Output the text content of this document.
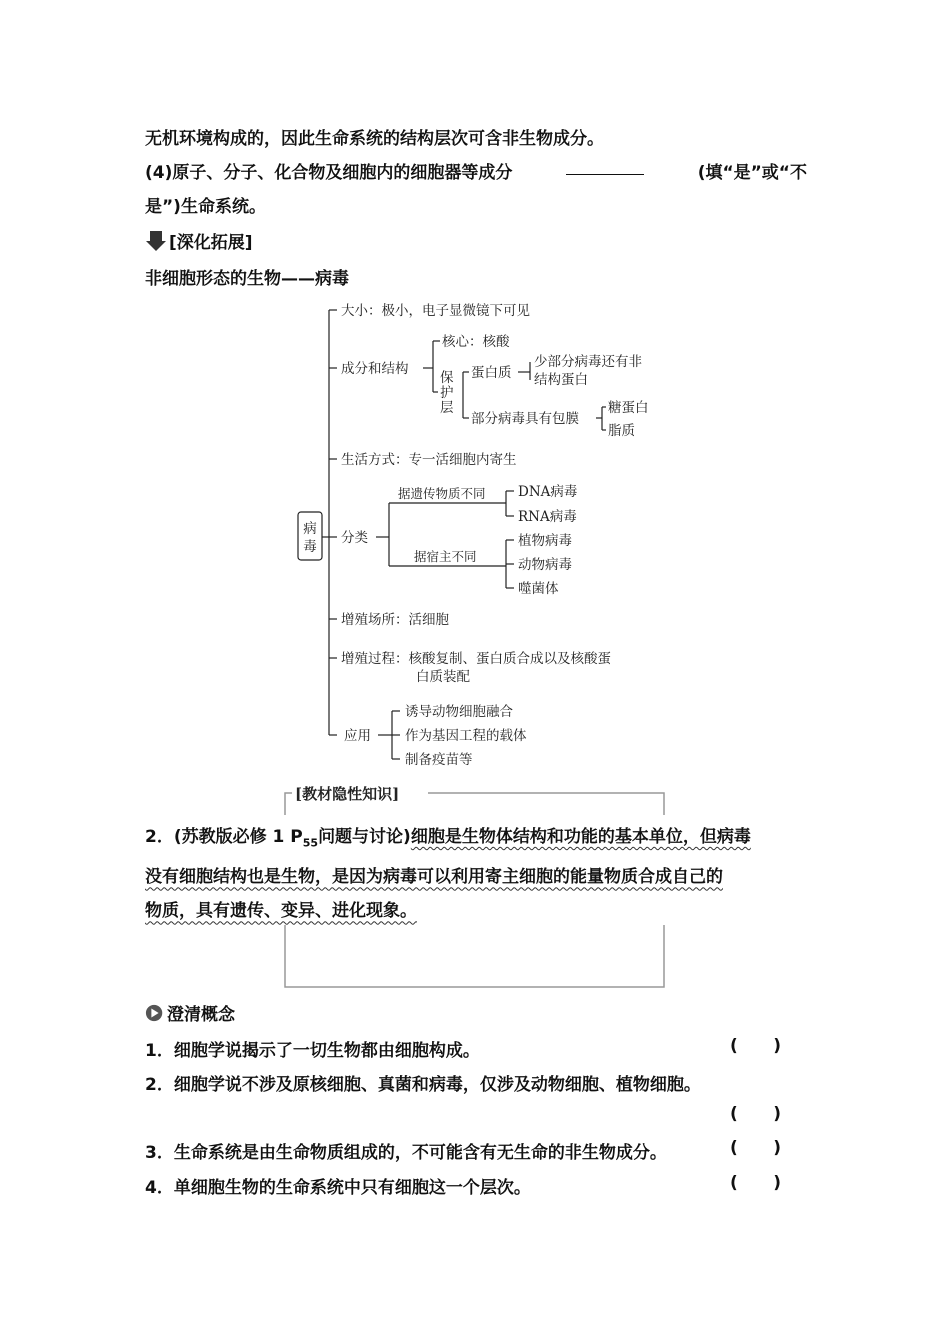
无机环境构成的，因此生命系统的结构层次可含非生物成分。
(4)原子、分子、化合物及细胞内的细胞器等成分	(填“是”或“不
是”)生命系统。
[深化拓展]
非细胞形态的生物——病毒
病
毒
大小：极小，电子显微镜下可见
成分和结构
核心：核酸
保
护
层
蛋白质
少部分病毒还有非
结构蛋白
部分病毒具有包膜
糖蛋白
脂质
生活方式：专一活细胞内寄生
分类
据遗传物质不同 DNA病毒
RNA病毒
据宿主不同
植物病毒
动物病毒
噬菌体
增殖场所：活细胞
增殖过程：核酸复制、蛋白质合成以及核酸蛋
白质装配
应用
诱导动物细胞融合
作为基因工程的载体
制备疫苗等
[教材隐性知识]
2．(苏教版必修 1 $P_{55}$问题与讨论)细胞是生物体结构和功能的基本单位，但病毒
没有细胞结构也是生物，是因为病毒可以利用寄主细胞的能量物质合成自己的
物质，具有遗传、变异、进化现象。
澄清概念
1．细胞学说揭示了一切生物都由细胞构成。	( )
2．细胞学说不涉及原核细胞、真菌和病毒，仅涉及动物细胞、植物细胞。
( )
3．生命系统是由生命物质组成的，不可能含有无生命的非生物成分。	( )
4．单细胞生物的生命系统中只有细胞这一个层次。	( )
